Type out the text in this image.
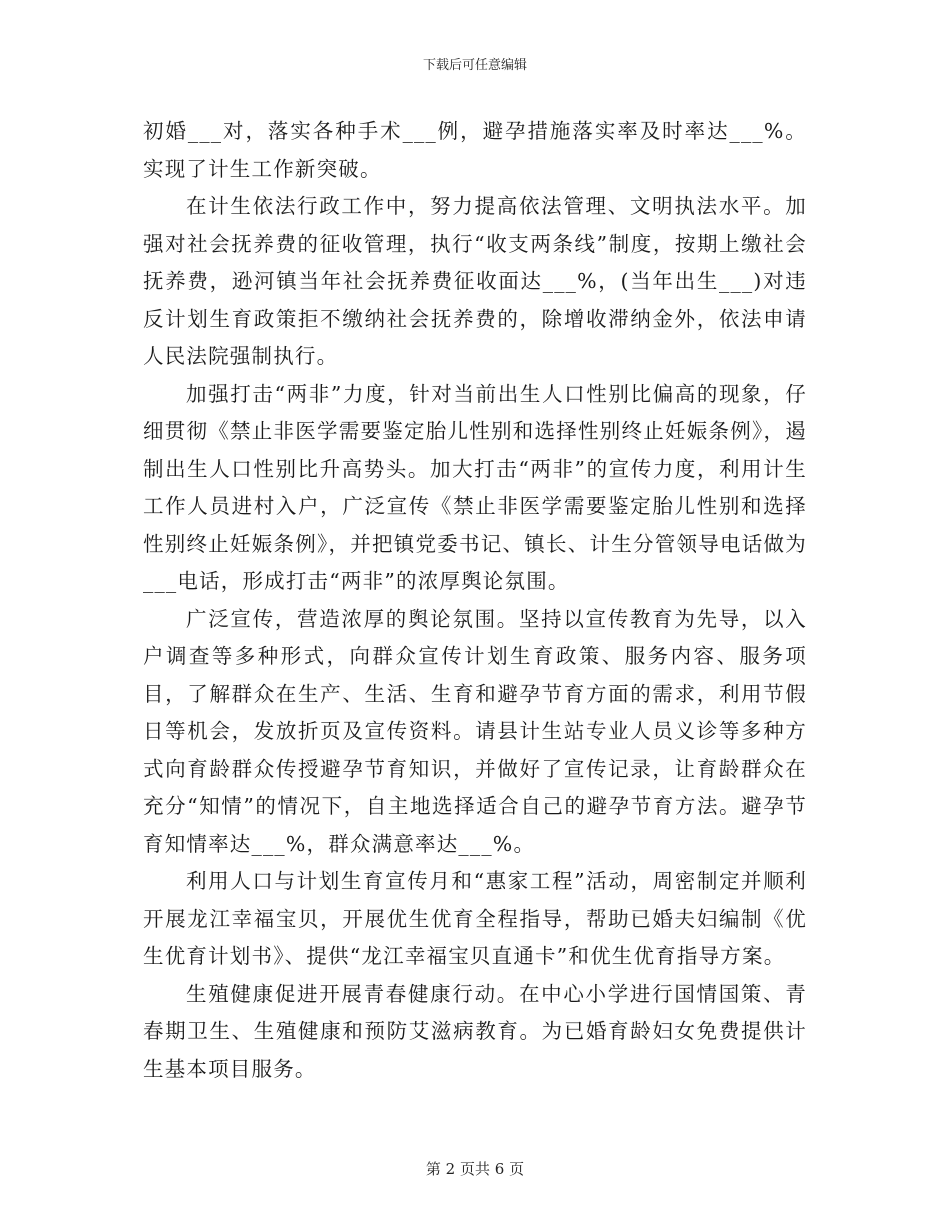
下载后可任意编辑

初婚___对，落实各种手术___例，避孕措施落实率及时率达___%。实现了计生工作新突破。

在计生依法行政工作中，努力提高依法管理、文明执法水平。加强对社会抚养费的征收管理，执行“收支两条线”制度，按期上缴社会抚养费，逊河镇当年社会抚养费征收面达___%，(当年出生___)对违反计划生育政策拒不缴纳社会抚养费的，除增收滞纳金外，依法申请人民法院强制执行。

加强打击“两非”力度，针对当前出生人口性别比偏高的现象，仔细贯彻《禁止非医学需要鉴定胎儿性别和选择性别终止妊娠条例》，遏制出生人口性别比升高势头。加大打击“两非”的宣传力度，利用计生工作人员进村入户，广泛宣传《禁止非医学需要鉴定胎儿性别和选择性别终止妊娠条例》，并把镇党委书记、镇长、计生分管领导电话做为___电话，形成打击“两非”的浓厚舆论氛围。

广泛宣传，营造浓厚的舆论氛围。坚持以宣传教育为先导，以入户调查等多种形式，向群众宣传计划生育政策、服务内容、服务项目，了解群众在生产、生活、生育和避孕节育方面的需求，利用节假日等机会，发放折页及宣传资料。请县计生站专业人员义诊等多种方式向育龄群众传授避孕节育知识，并做好了宣传记录，让育龄群众在充分“知情”的情况下，自主地选择适合自己的避孕节育方法。避孕节育知情率达___%，群众满意率达___%。

利用人口与计划生育宣传月和“惠家工程”活动，周密制定并顺利开展龙江幸福宝贝，开展优生优育全程指导，帮助已婚夫妇编制《优生优育计划书》、提供“龙江幸福宝贝直通卡”和优生优育指导方案。

生殖健康促进开展青春健康行动。在中心小学进行国情国策、青春期卫生、生殖健康和预防艾滋病教育。为已婚育龄妇女免费提供计生基本项目服务。

第 2 页共 6 页
